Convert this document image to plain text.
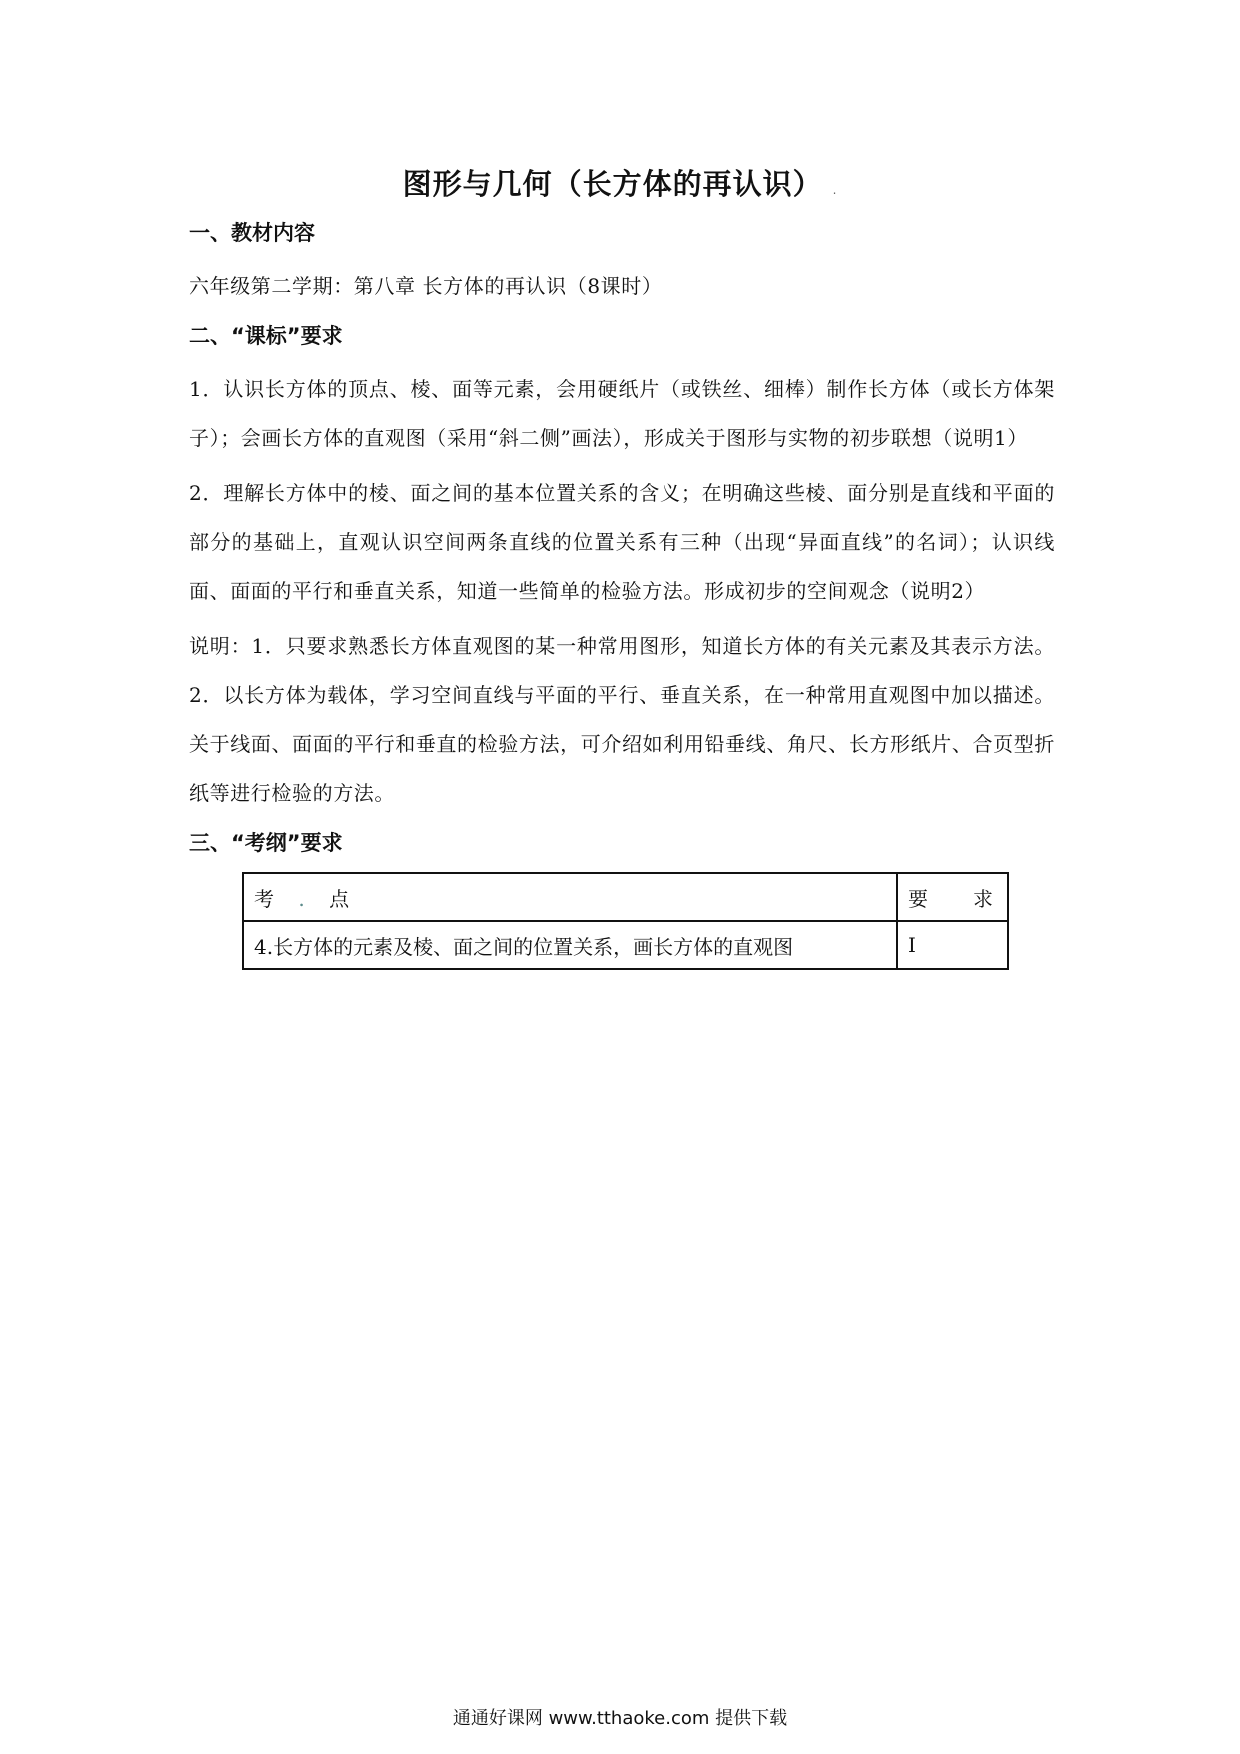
图形与几何（长方体的再认识） .
一、教材内容
六年级第二学期：第八章 长方体的再认识（8课时）
二、“课标”要求
1．认识长方体的顶点、棱、面等元素，会用硬纸片（或铁丝、细棒）制作长方体（或长方体架子）；会画长方体的直观图（采用“斜二侧”画法），形成关于图形与实物的初步联想（说明1）
2．理解长方体中的棱、面之间的基本位置关系的含义；在明确这些棱、面分别是直线和平面的部分的基础上，直观认识空间两条直线的位置关系有三种（出现“异面直线”的名词）；认识线面、面面的平行和垂直关系，知道一些简单的检验方法。形成初步的空间观念（说明2）
说明：1．只要求熟悉长方体直观图的某一种常用图形，知道长方体的有关元素及其表示方法。2．以长方体为载体，学习空间直线与平面的平行、垂直关系，在一种常用直观图中加以描述。关于线面、面面的平行和垂直的检验方法，可介绍如利用铅垂线、角尺、长方形纸片、合页型折纸等进行检验的方法。
三、“考纲”要求
考 . 点	要 求

4.长方体的元素及棱、面之间的位置关系，画长方体的直观图	I
通通好课网 www.tthaoke.com 提供下载
